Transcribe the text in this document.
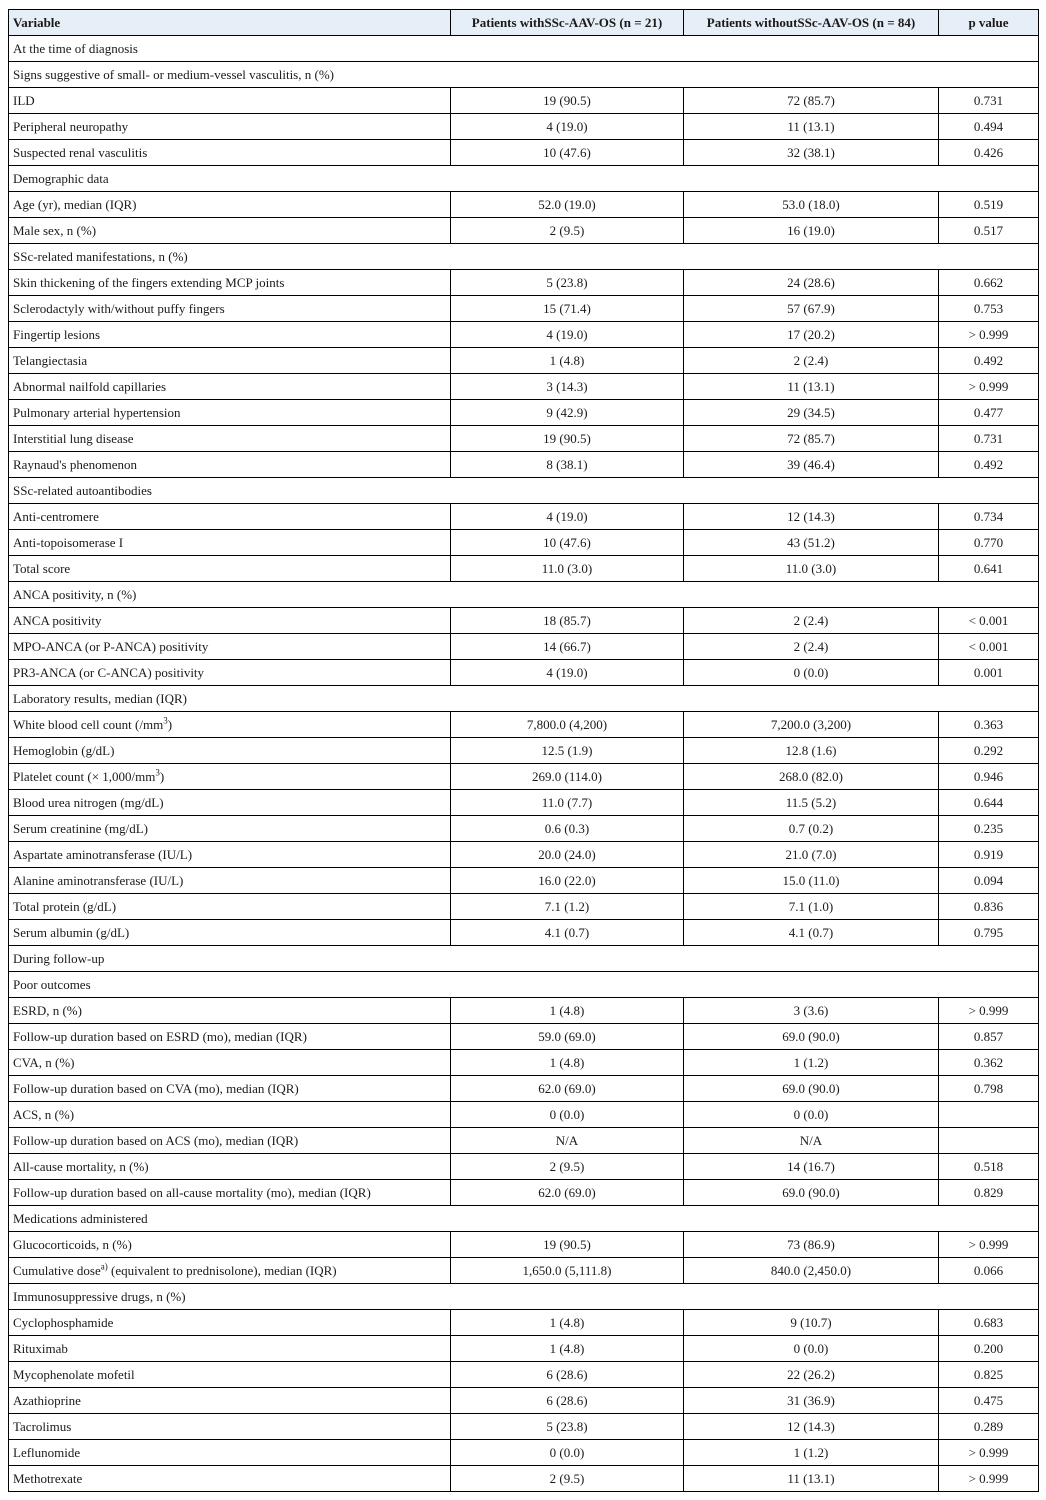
Variable	Patients withSSc-AAV-OS (n = 21)	Patients withoutSSc-AAV-OS (n = 84)	p value
At the time of diagnosis			
Signs suggestive of small- or medium-vessel vasculitis, n (%)			
ILD	19 (90.5)	72 (85.7)	0.731
Peripheral neuropathy	4 (19.0)	11 (13.1)	0.494
Suspected renal vasculitis	10 (47.6)	32 (38.1)	0.426
Demographic data			
Age (yr), median (IQR)	52.0 (19.0)	53.0 (18.0)	0.519
Male sex, n (%)	2 (9.5)	16 (19.0)	0.517
SSc-related manifestations, n (%)			
Skin thickening of the fingers extending MCP joints	5 (23.8)	24 (28.6)	0.662
Sclerodactyly with/without puffy fingers	15 (71.4)	57 (67.9)	0.753
Fingertip lesions	4 (19.0)	17 (20.2)	> 0.999
Telangiectasia	1 (4.8)	2 (2.4)	0.492
Abnormal nailfold capillaries	3 (14.3)	11 (13.1)	> 0.999
Pulmonary arterial hypertension	9 (42.9)	29 (34.5)	0.477
Interstitial lung disease	19 (90.5)	72 (85.7)	0.731
Raynaud's phenomenon	8 (38.1)	39 (46.4)	0.492
SSc-related autoantibodies			
Anti-centromere	4 (19.0)	12 (14.3)	0.734
Anti-topoisomerase I	10 (47.6)	43 (51.2)	0.770
Total score	11.0 (3.0)	11.0 (3.0)	0.641
ANCA positivity, n (%)			
ANCA positivity	18 (85.7)	2 (2.4)	< 0.001
MPO-ANCA (or P-ANCA) positivity	14 (66.7)	2 (2.4)	< 0.001
PR3-ANCA (or C-ANCA) positivity	4 (19.0)	0 (0.0)	0.001
Laboratory results, median (IQR)			
White blood cell count $(/mm^3)$	7,800.0 (4,200)	7,200.0 (3,200)	0.363
Hemoglobin (g/dL)	12.5 (1.9)	12.8 (1.6)	0.292
Platelet count (× $1,000/mm^3$)	269.0 (114.0)	268.0 (82.0)	0.946
Blood urea nitrogen (mg/dL)	11.0 (7.7)	11.5 (5.2)	0.644
Serum creatinine (mg/dL)	0.6 (0.3)	0.7 (0.2)	0.235
Aspartate aminotransferase (IU/L)	20.0 (24.0)	21.0 (7.0)	0.919
Alanine aminotransferase (IU/L)	16.0 (22.0)	15.0 (11.0)	0.094
Total protein (g/dL)	7.1 (1.2)	7.1 (1.0)	0.836
Serum albumin (g/dL)	4.1 (0.7)	4.1 (0.7)	0.795
During follow-up			
Poor outcomes			
ESRD, n (%)	1 (4.8)	3 (3.6)	> 0.999
Follow-up duration based on ESRD (mo), median (IQR)	59.0 (69.0)	69.0 (90.0)	0.857
CVA, n (%)	1 (4.8)	1 (1.2)	0.362
Follow-up duration based on CVA (mo), median (IQR)	62.0 (69.0)	69.0 (90.0)	0.798
ACS, n (%)	0 (0.0)	0 (0.0)	
Follow-up duration based on ACS (mo), median (IQR)	N/A	N/A	
All-cause mortality, n (%)	2 (9.5)	14 (16.7)	0.518
Follow-up duration based on all-cause mortality (mo), median (IQR)	62.0 (69.0)	69.0 (90.0)	0.829
Medications administered			
Glucocorticoids, n (%)	19 (90.5)	73 (86.9)	> 0.999
Cumulative dose$^{a)}$ (equivalent to prednisolone), median (IQR)	1,650.0 (5,111.8)	840.0 (2,450.0)	0.066
Immunosuppressive drugs, n (%)			
Cyclophosphamide	1 (4.8)	9 (10.7)	0.683
Rituximab	1 (4.8)	0 (0.0)	0.200
Mycophenolate mofetil	6 (28.6)	22 (26.2)	0.825
Azathioprine	6 (28.6)	31 (36.9)	0.475
Tacrolimus	5 (23.8)	12 (14.3)	0.289
Leflunomide	0 (0.0)	1 (1.2)	> 0.999
Methotrexate	2 (9.5)	11 (13.1)	> 0.999
